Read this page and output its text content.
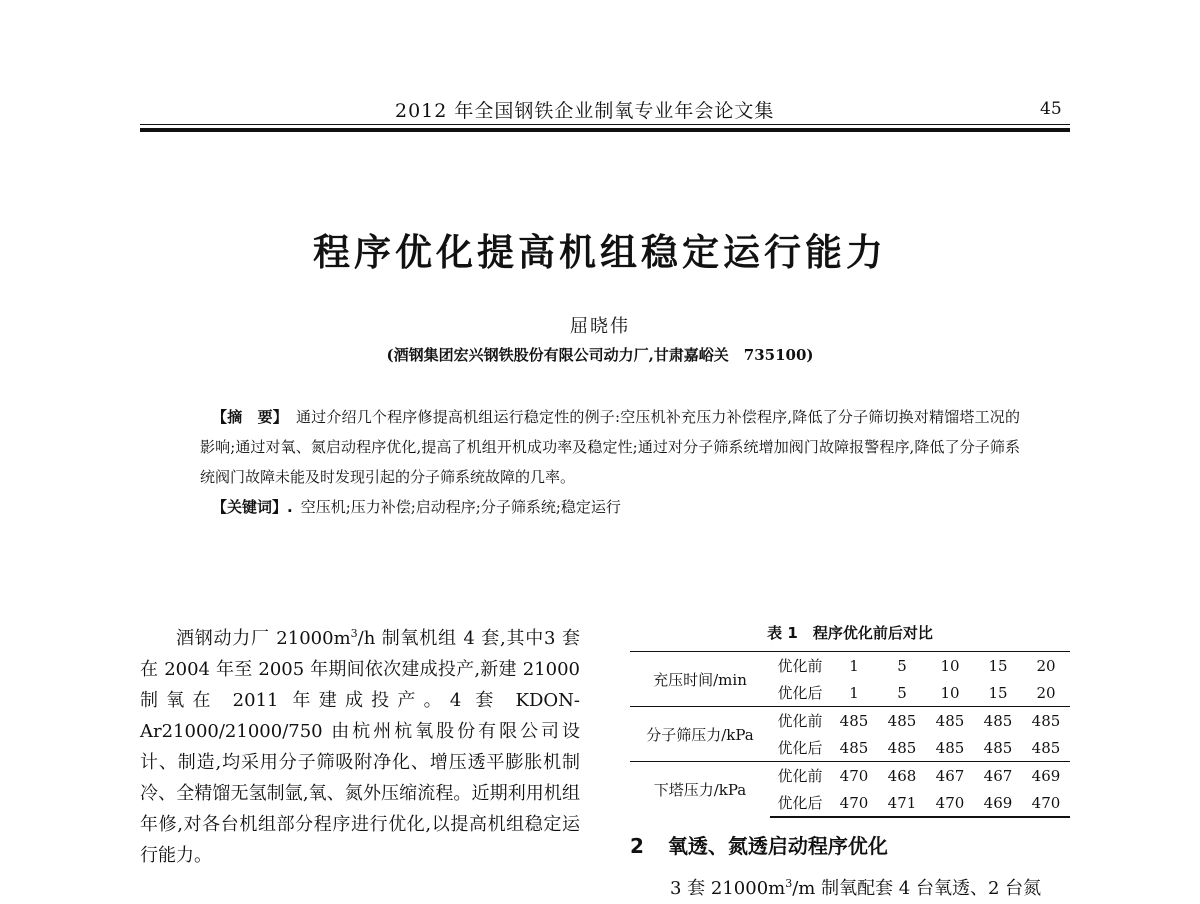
2012 年全国钢铁企业制氧专业年会论文集	45
程序优化提高机组稳定运行能力
屈晓伟
(酒钢集团宏兴钢铁股份有限公司动力厂,甘肃嘉峪关　735100)
【摘　要】 通过介绍几个程序修提高机组运行稳定性的例子:空压机补充压力补偿程序,降低了分子筛切换对精馏塔工况的影响;通过对氧、氮启动程序优化,提高了机组开机成功率及稳定性;通过对分子筛系统增加阀门故障报警程序,降低了分子筛系统阀门故障未能及时发现引起的分子筛系统故障的几率。
【关键词】. 空压机;压力补偿;启动程序;分子筛系统;稳定运行
酒钢动力厂 $21000m^3/h$ 制氧机组 4 套,其中3 套在 2004 年至 2005 年期间依次建成投产,新建 21000 制氧在 2011 年建成投产。4 套 KDON-Ar21000/21000/750 由杭州杭氧股份有限公司设计、制造,均采用分子筛吸附净化、增压透平膨胀机制冷、全精馏无氢制氩,氧、氮外压缩流程。近期利用机组年修,对各台机组部分程序进行优化,以提高机组稳定运行能力。
表 1　程序优化前后对比
充压时间/min	优化前	1	5	10	15	20
	优化后	1	5	10	15	20
分子筛压力/kPa	优化前	485	485	485	485	485
	优化后	485	485	485	485	485
下塔压力/kPa	优化前	470	468	467	467	469
	优化后	470	471	470	469	470
2 氧透、氮透启动程序优化
3 套 $21000m^3/m$ 制氧配套 4 台氧透、2 台氮
